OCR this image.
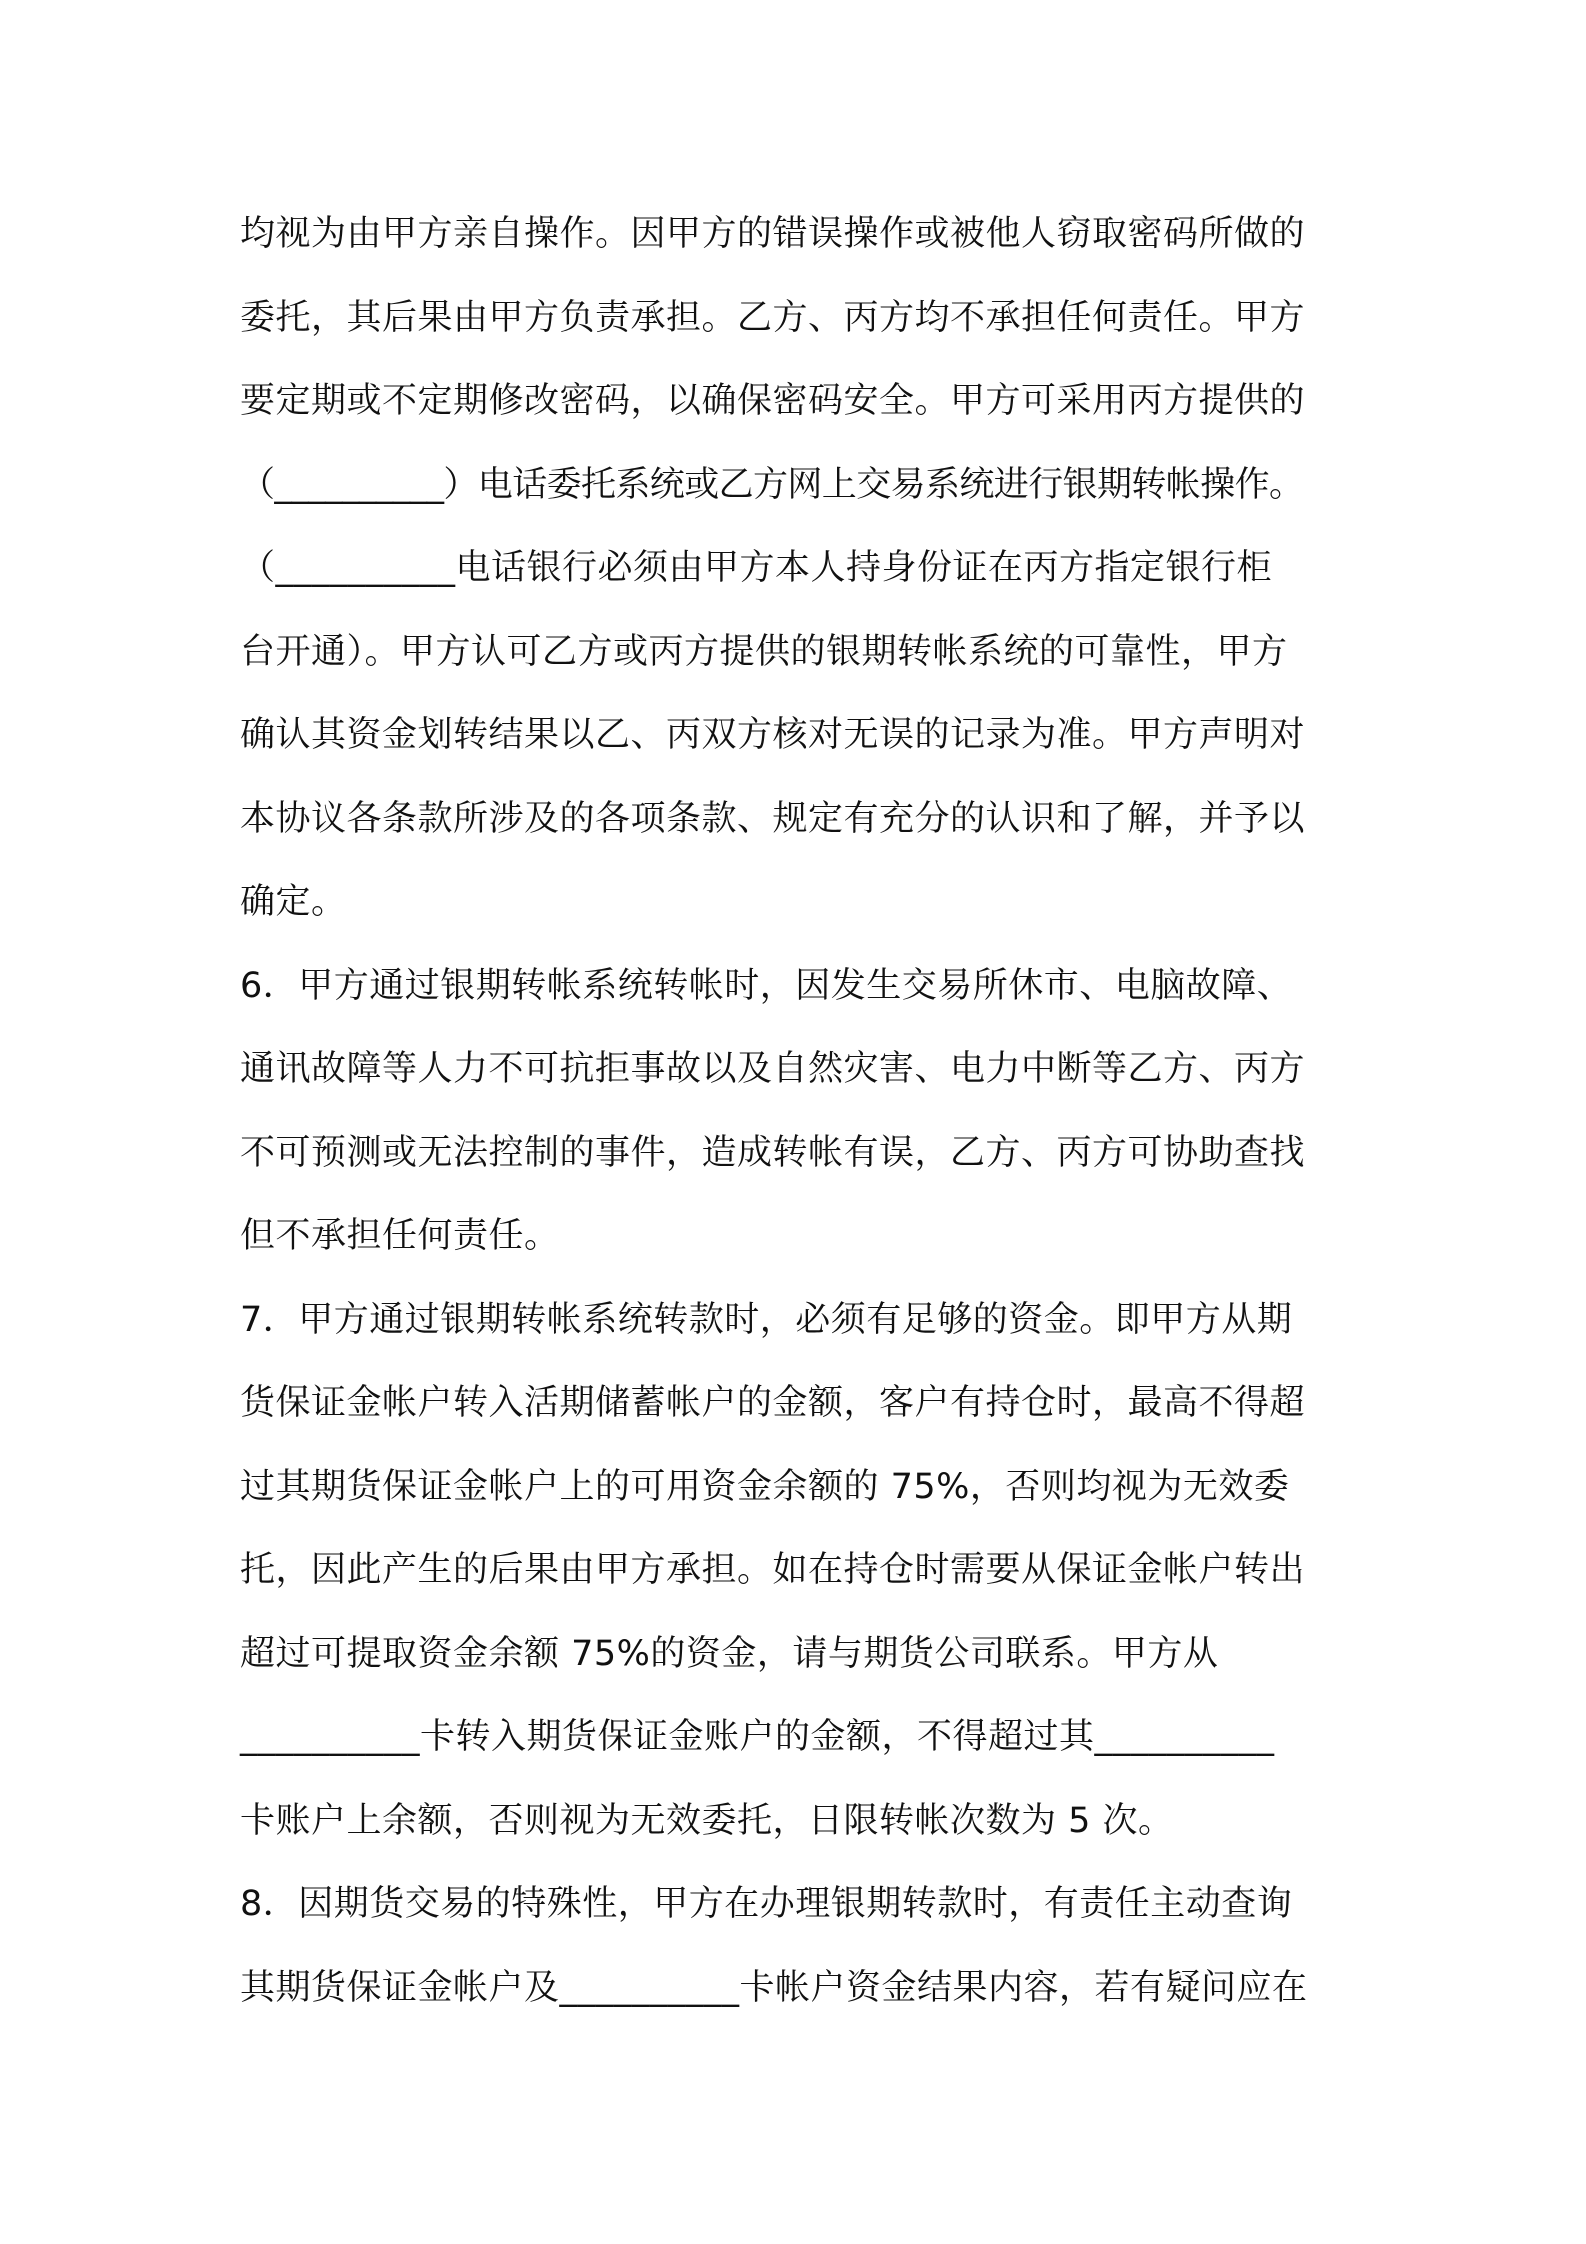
均视为由甲方亲自操作。因甲方的错误操作或被他人窃取密码所做的
委托，其后果由甲方负责承担。乙方、丙方均不承担任何责任。甲方
要定期或不定期修改密码，以确保密码安全。甲方可采用丙方提供的
（__________）电话委托系统或乙方网上交易系统进行银期转帐操作。
（__________电话银行必须由甲方本人持身份证在丙方指定银行柜
台开通）。甲方认可乙方或丙方提供的银期转帐系统的可靠性，甲方
确认其资金划转结果以乙、丙双方核对无误的记录为准。甲方声明对
本协议各条款所涉及的各项条款、规定有充分的认识和了解，并予以
确定。
6．甲方通过银期转帐系统转帐时，因发生交易所休市、电脑故障、
通讯故障等人力不可抗拒事故以及自然灾害、电力中断等乙方、丙方
不可预测或无法控制的事件，造成转帐有误，乙方、丙方可协助查找
但不承担任何责任。
7．甲方通过银期转帐系统转款时，必须有足够的资金。即甲方从期
货保证金帐户转入活期储蓄帐户的金额，客户有持仓时，最高不得超
过其期货保证金帐户上的可用资金余额的 75%，否则均视为无效委
托，因此产生的后果由甲方承担。如在持仓时需要从保证金帐户转出
超过可提取资金余额 75%的资金，请与期货公司联系。甲方从
__________卡转入期货保证金账户的金额，不得超过其__________
卡账户上余额，否则视为无效委托，日限转帐次数为 5 次。
8．因期货交易的特殊性，甲方在办理银期转款时，有责任主动查询
其期货保证金帐户及__________卡帐户资金结果内容，若有疑问应在
